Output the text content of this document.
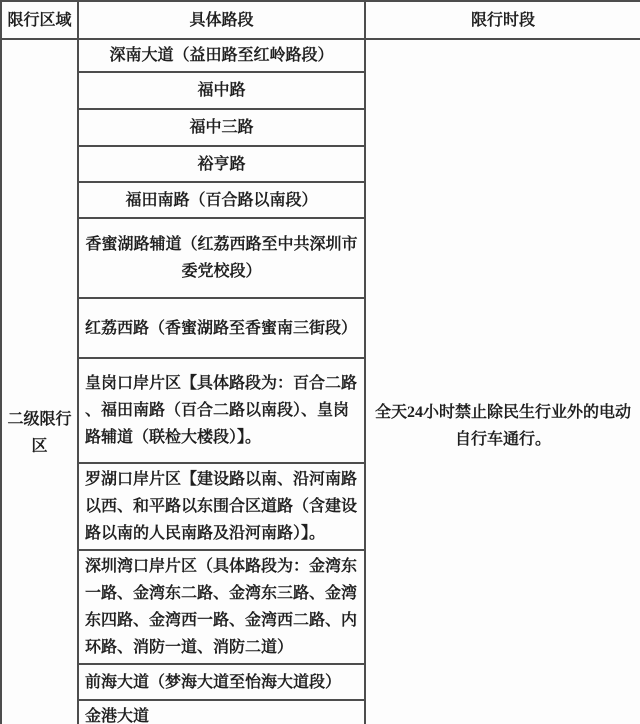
限行区域	具体路段	限行时段
二级限行区	深南大道（益田路至红岭路段）	全天24小时禁止除民生行业外的电动自行车通行。
	福中路	
	福中三路	
	裕亨路	
	福田南路（百合路以南段）	
	香蜜湖路辅道（红荔西路至中共深圳市委党校段）	
	红荔西路（香蜜湖路至香蜜南三街段）	
	皇岗口岸片区【具体路段为：百合二路、福田南路（百合二路以南段）、皇岗路辅道（联检大楼段）】。	
	罗湖口岸片区【建设路以南、沿河南路以西、和平路以东围合区道路（含建设路以南的人民南路及沿河南路）】。	
	深圳湾口岸片区（具体路段为：金湾东一路、金湾东二路、金湾东三路、金湾东四路、金湾西一路、金湾西二路、内环路、消防一道、消防二道）	
	前海大道（梦海大道至怡海大道段）	
	金港大道	
